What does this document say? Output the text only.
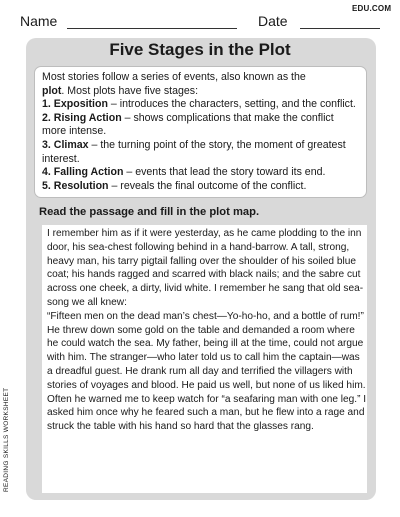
Name	Date
EDU.COM
Five Stages in the Plot

Most stories follow a series of events, also known as the
plot. Most plots have five stages:

1. Exposition – introduces the characters, setting, and the conflict.

2. Rising Action – shows complications that make the conflict more intense.

3. Climax – the turning point of the story, the moment of greatest interest.

4. Falling Action – events that lead the story toward its end.

5. Resolution – reveals the final outcome of the conflict.

Read the passage and fill in the plot map.

I remember him as if it were yesterday, as he came plodding to the inn door, his sea-chest following behind in a hand-barrow. A tall, strong, heavy man, his tarry pigtail falling over the shoulder of his soiled blue coat; his hands ragged and scarred with black nails; and the sabre cut across one cheek, a dirty, livid white. I remember he sang that old sea-song we all knew:

“Fifteen men on the dead man’s chest—Yo-ho-ho, and a bottle of rum!”

He threw down some gold on the table and demanded a room where he could watch the sea. My father, being ill at the time, could not argue with him. The stranger—who later told us to call him the captain—was a dreadful guest. He drank rum all day and terrified the villagers with stories of voyages and blood. He paid us well, but none of us liked him.

Often he warned me to keep watch for “a seafaring man with one leg.” I asked him once why he feared such a man, but he flew into a rage and struck the table with his hand so hard that the glasses rang.

READING SKILLS WORKSHEET
